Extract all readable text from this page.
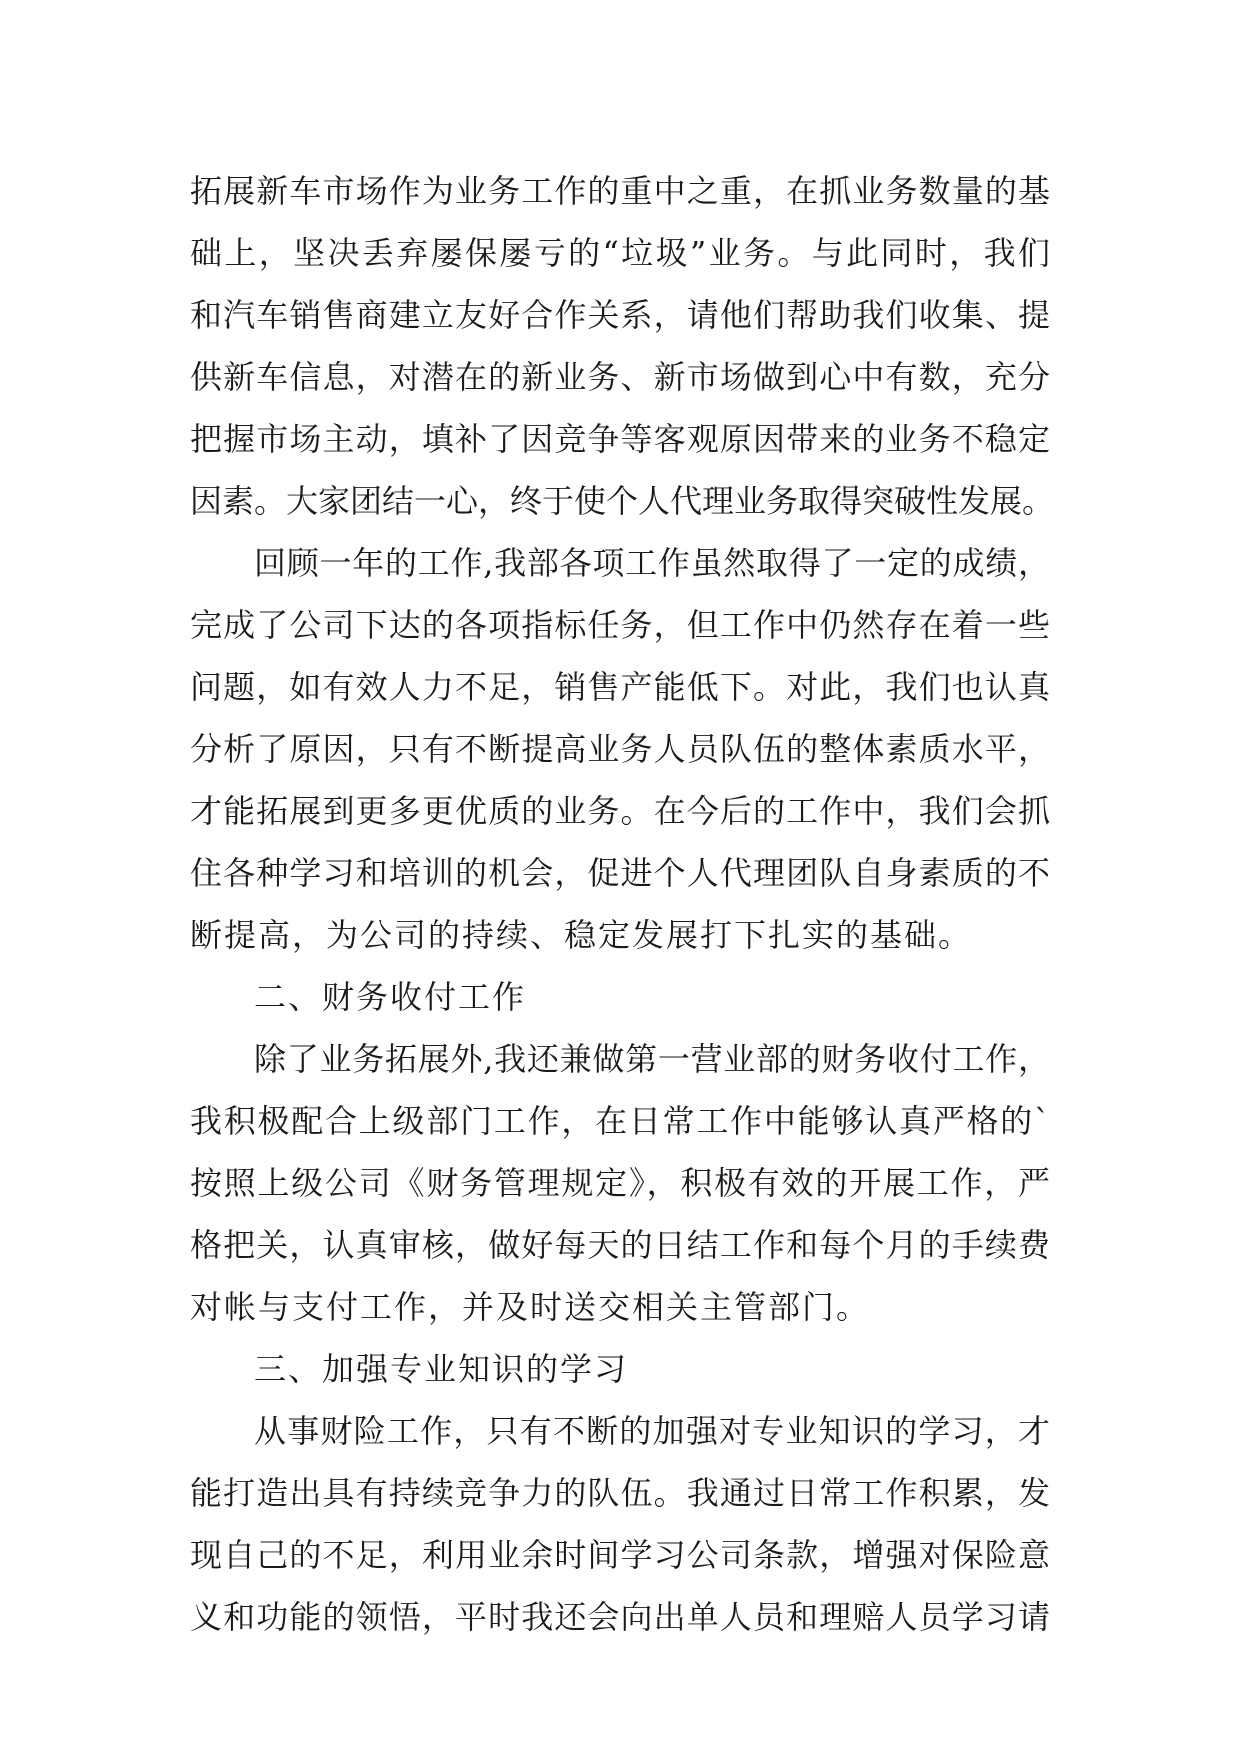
拓展新车市场作为业务工作的重中之重，在抓业务数量的基
础上，坚决丢弃屡保屡亏的“垃圾”业务。与此同时，我们
和汽车销售商建立友好合作关系，请他们帮助我们收集、提
供新车信息，对潜在的新业务、新市场做到心中有数，充分
把握市场主动，填补了因竞争等客观原因带来的业务不稳定
因素。大家团结一心，终于使个人代理业务取得突破性发展。
回顾一年的工作,我部各项工作虽然取得了一定的成绩，
完成了公司下达的各项指标任务，但工作中仍然存在着一些
问题，如有效人力不足，销售产能低下。对此，我们也认真
分析了原因，只有不断提高业务人员队伍的整体素质水平，
才能拓展到更多更优质的业务。在今后的工作中，我们会抓
住各种学习和培训的机会，促进个人代理团队自身素质的不
断提高，为公司的持续、稳定发展打下扎实的基础。
二、财务收付工作
除了业务拓展外,我还兼做第一营业部的财务收付工作，
我积极配合上级部门工作，在日常工作中能够认真严格的`
按照上级公司《财务管理规定》，积极有效的开展工作，严
格把关，认真审核，做好每天的日结工作和每个月的手续费
对帐与支付工作，并及时送交相关主管部门。
三、加强专业知识的学习
从事财险工作，只有不断的加强对专业知识的学习，才
能打造出具有持续竞争力的队伍。我通过日常工作积累，发
现自己的不足，利用业余时间学习公司条款，增强对保险意
义和功能的领悟，平时我还会向出单人员和理赔人员学习请
